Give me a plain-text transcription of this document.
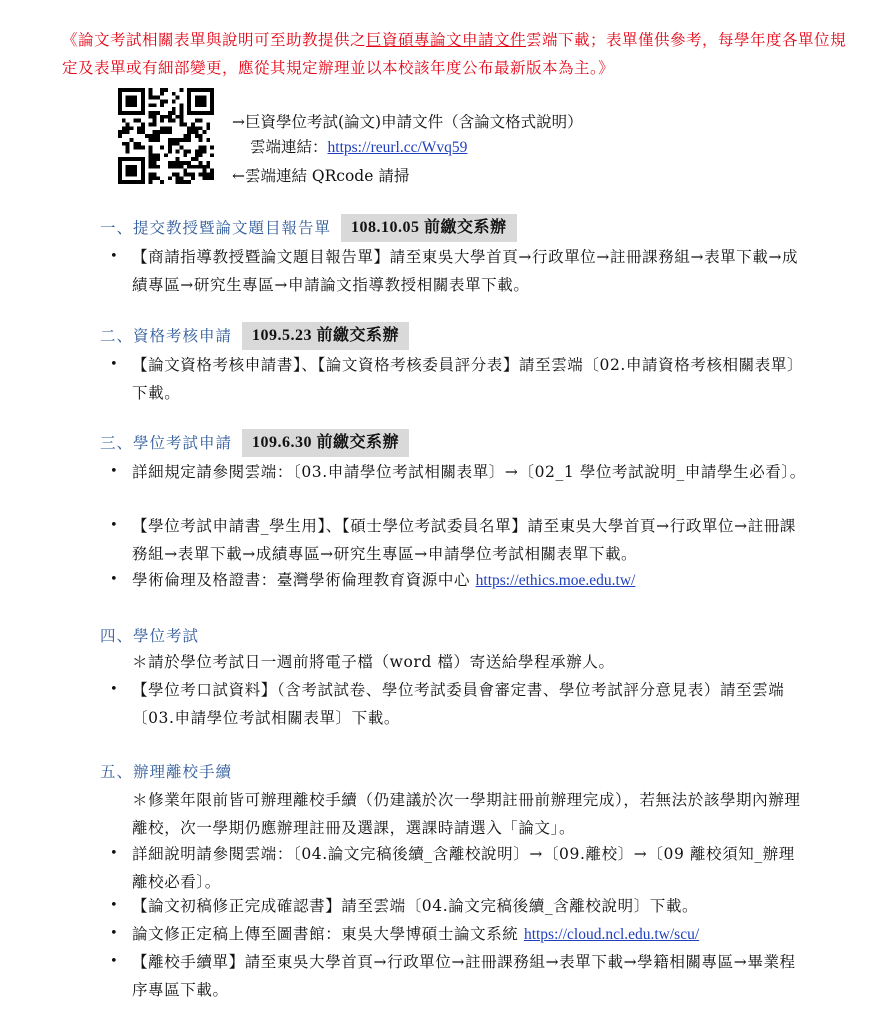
《論文考試相關表單與說明可至助教提供之巨資碩專論文申請文件雲端下載；表單僅供參考，每學年度各單位規定及表單或有細部變更，應從其規定辦理並以本校該年度公布最新版本為主。》
→巨資學位考試(論文)申請文件（含論文格式說明）
雲端連結：https://reurl.cc/Wvq59
←雲端連結 QRcode 請掃
一、提交教授暨論文題目報告單 108.10.05 前繳交系辦
• 【商請指導教授暨論文題目報告單】請至東吳大學首頁→行政單位→註冊課務組→表單下載→成績專區→研究生專區→申請論文指導教授相關表單下載。
二、資格考核申請 109.5.23 前繳交系辦
• 【論文資格考核申請書】、【論文資格考核委員評分表】請至雲端〔02.申請資格考核相關表單〕下載。
三、學位考試申請 109.6.30 前繳交系辦
• 詳細規定請參閱雲端：〔03.申請學位考試相關表單〕→〔02_1 學位考試說明_申請學生必看〕。
• 【學位考試申請書_學生用】、【碩士學位考試委員名單】請至東吳大學首頁→行政單位→註冊課務組→表單下載→成績專區→研究生專區→申請學位考試相關表單下載。
• 學術倫理及格證書：臺灣學術倫理教育資源中心 https://ethics.moe.edu.tw/
四、學位考試
＊請於學位考試日一週前將電子檔（word 檔）寄送給學程承辦人。
• 【學位考口試資料】（含考試試卷、學位考試委員會審定書、學位考試評分意見表）請至雲端〔03.申請學位考試相關表單〕下載。
五、辦理離校手續
＊修業年限前皆可辦理離校手續（仍建議於次一學期註冊前辦理完成），若無法於該學期內辦理離校，次一學期仍應辦理註冊及選課，選課時請選入「論文」。
• 詳細說明請參閱雲端：〔04.論文完稿後續_含離校說明〕→〔09.離校〕→〔09 離校須知_辦理離校必看〕。
• 【論文初稿修正完成確認書】請至雲端〔04.論文完稿後續_含離校說明〕下載。
• 論文修正定稿上傳至圖書館：東吳大學博碩士論文系統 https://cloud.ncl.edu.tw/scu/
• 【離校手續單】請至東吳大學首頁→行政單位→註冊課務組→表單下載→學籍相關專區→畢業程序專區下載。
